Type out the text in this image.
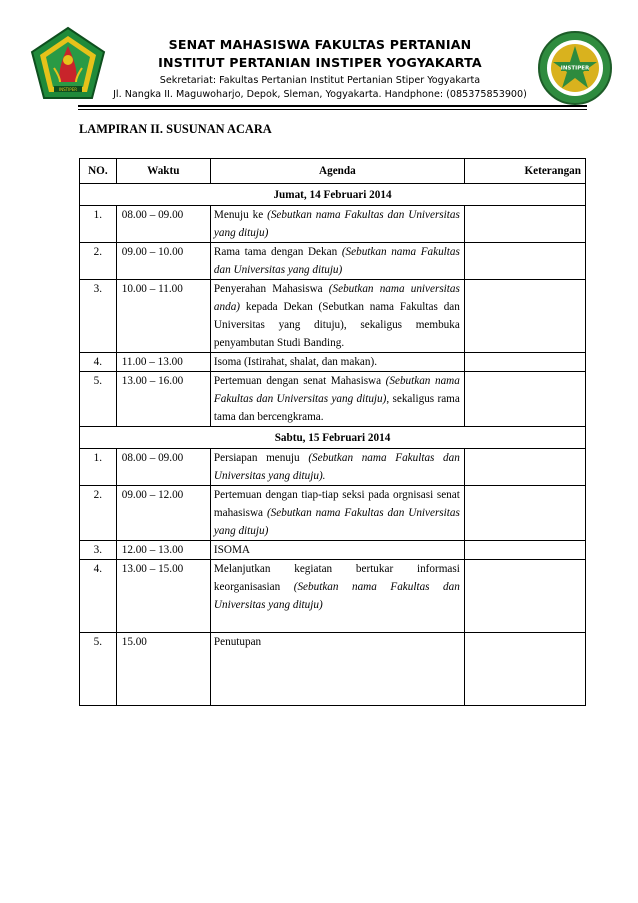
INSTIPER
INSTIPER
SENAT MAHASISWA FAKULTAS PERTANIAN
INSTITUT PERTANIAN INSTIPER YOGYAKARTA
Sekretariat: Fakultas Pertanian Institut Pertanian Stiper Yogyakarta
Jl. Nangka II. Maguwoharjo, Depok, Sleman, Yogyakarta. Handphone: (085375853900)
LAMPIRAN II. SUSUNAN ACARA
NO.	Waktu	Agenda	Keterangan
Jumat, 14 Februari 2014			
1.	08.00 – 09.00	Menuju ke (Sebutkan nama Fakultas dan Universitas yang dituju)	
2.	09.00 – 10.00	Rama tama dengan Dekan (Sebutkan nama Fakultas dan Universitas yang dituju)	
3.	10.00 – 11.00	Penyerahan Mahasiswa (Sebutkan nama universitas anda) kepada Dekan (Sebutkan nama Fakultas dan Universitas yang dituju), sekaligus membuka penyambutan Studi Banding.	
4.	11.00 – 13.00	Isoma (Istirahat, shalat, dan makan).	
5.	13.00 – 16.00	Pertemuan dengan senat Mahasiswa (Sebutkan nama Fakultas dan Universitas yang dituju), sekaligus rama tama dan bercengkrama.	
Sabtu, 15 Februari 2014			
1.	08.00 – 09.00	Persiapan menuju (Sebutkan nama Fakultas dan Universitas yang dituju).	
2.	09.00 – 12.00	Pertemuan dengan tiap-tiap seksi pada orgnisasi senat mahasiswa (Sebutkan nama Fakultas dan Universitas yang dituju)	
3.	12.00 – 13.00	ISOMA	
4.	13.00 – 15.00	Melanjutkan kegiatan bertukar informasi keorganisasian (Sebutkan nama Fakultas dan Universitas yang dituju)	
5.	15.00	Penutupan	
